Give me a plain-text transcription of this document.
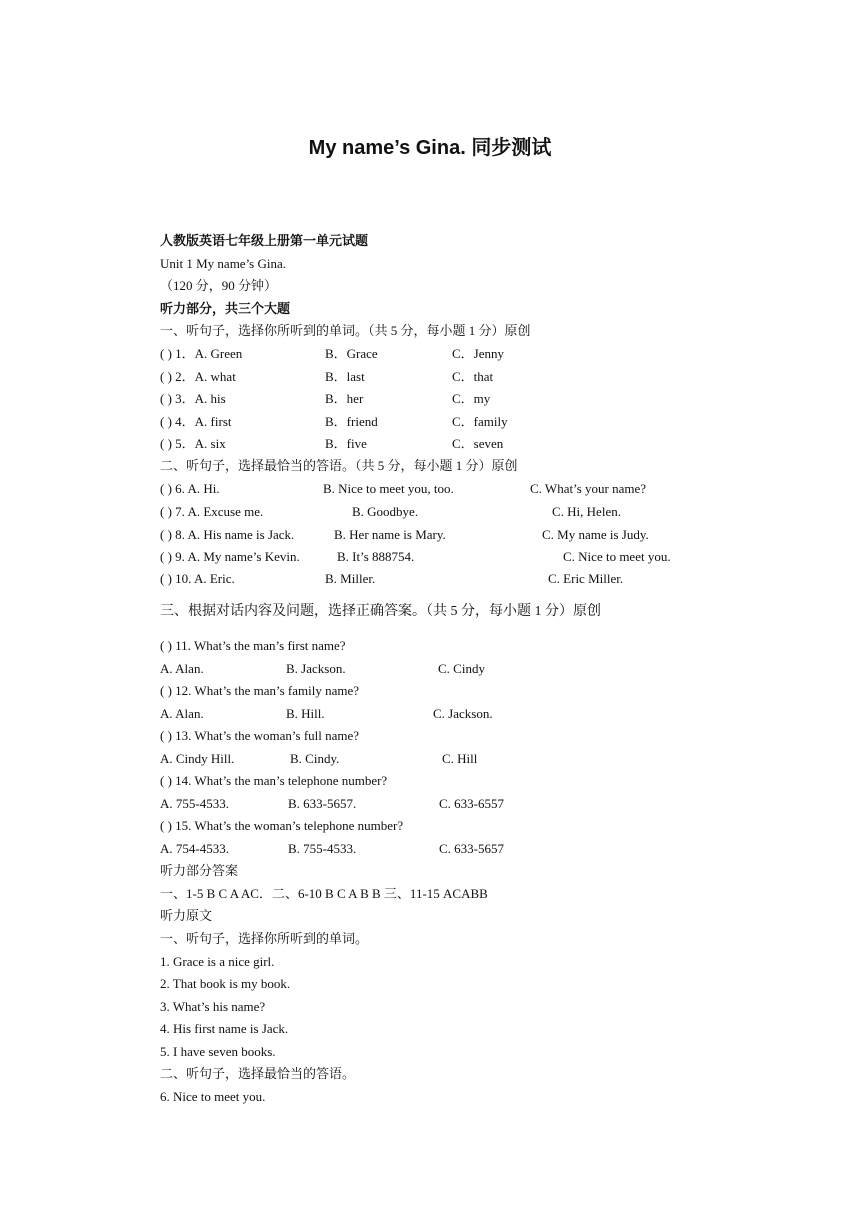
My name’s Gina. 同步测试
人教版英语七年级上册第一单元试题
Unit 1 My name’s Gina.
（120 分，90 分钟）
听力部分，共三个大题
一、听句子，选择你所听到的单词。（共 5 分，每小题 1 分）原创
( ) 1．A. Green	B．Grace	C．Jenny
( ) 2．A. what	B．last	C．that
( ) 3．A. his	B．her	C．my
( ) 4．A. first	B．friend	C．family
( ) 5．A. six	B．five	C．seven
二、听句子，选择最恰当的答语。（共 5 分，每小题 1 分）原创
( ) 6. A. Hi.	B. Nice to meet you, too.	C. What’s your name?
( ) 7. A. Excuse me.	B. Goodbye.	C. Hi, Helen.
( ) 8. A. His name is Jack.	B. Her name is Mary.	C. My name is Judy.
( ) 9. A. My name’s Kevin.	B. It’s 888754.	C. Nice to meet you.
( ) 10. A. Eric.	B. Miller.	C. Eric Miller.
三、根据对话内容及问题，选择正确答案。（共 5 分，每小题 1 分）原创
( ) 11. What’s the man’s first name?
A. Alan.	B. Jackson.	C. Cindy
( ) 12. What’s the man’s family name?
A. Alan.	B. Hill.	C. Jackson.
( ) 13. What’s the woman’s full name?
A. Cindy Hill.	B. Cindy.	C. Hill
( ) 14. What’s the man’s telephone number?
A. 755-4533.	B. 633-5657.	C. 633-6557
( ) 15. What’s the woman’s telephone number?
A. 754-4533.	B. 755-4533.	C. 633-5657
听力部分答案
一、1-5 B C A AC．二、6-10 B C A B B 三、11-15 ACABB
听力原文
一、听句子，选择你所听到的单词。
1. Grace is a nice girl.
2. That book is my book.
3. What’s his name?
4. His first name is Jack.
5. I have seven books.
二、听句子，选择最恰当的答语。
6. Nice to meet you.
